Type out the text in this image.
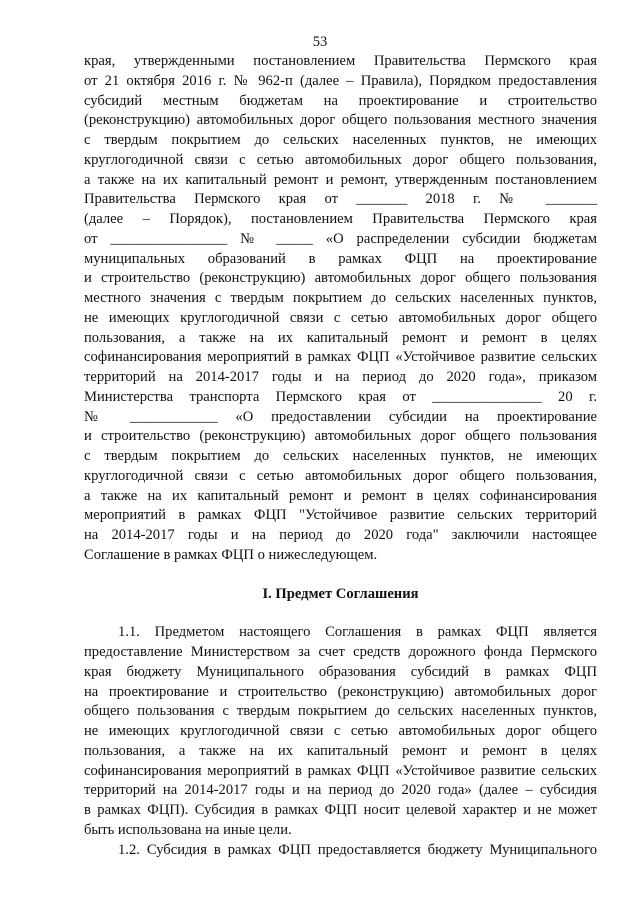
53
края, утвержденными постановлением Правительства Пермского края
от 21 октября 2016 г. № 962-п (далее – Правила), Порядком предоставления
субсидий местным бюджетам на проектирование и строительство
(реконструкцию) автомобильных дорог общего пользования местного значения
с твердым покрытием до сельских населенных пунктов, не имеющих
круглогодичной связи с сетью автомобильных дорог общего пользования,
а также на их капитальный ремонт и ремонт, утвержденным постановлением
Правительства Пермского края от _______ 2018 г. № _______
(далее – Порядок), постановлением Правительства Пермского края
от ________________ № _____ «О распределении субсидии бюджетам
муниципальных образований в рамках ФЦП на проектирование
и строительство (реконструкцию) автомобильных дорог общего пользования
местного значения с твердым покрытием до сельских населенных пунктов,
не имеющих круглогодичной связи с сетью автомобильных дорог общего
пользования, а также на их капитальный ремонт и ремонт в целях
софинансирования мероприятий в рамках ФЦП «Устойчивое развитие сельских
территорий на 2014-2017 годы и на период до 2020 года», приказом
Министерства транспорта Пермского края от _______________ 20 г.
№ ____________ «О предоставлении субсидии на проектирование
и строительство (реконструкцию) автомобильных дорог общего пользования
с твердым покрытием до сельских населенных пунктов, не имеющих
круглогодичной связи с сетью автомобильных дорог общего пользования,
а также на их капитальный ремонт и ремонт в целях софинансирования
мероприятий в рамках ФЦП "Устойчивое развитие сельских территорий
на 2014-2017 годы и на период до 2020 года" заключили настоящее
Соглашение в рамках ФЦП о нижеследующем.
I. Предмет Соглашения
1.1. Предметом настоящего Соглашения в рамках ФЦП является
предоставление Министерством за счет средств дорожного фонда Пермского
края бюджету Муниципального образования субсидий в рамках ФЦП
на проектирование и строительство (реконструкцию) автомобильных дорог
общего пользования с твердым покрытием до сельских населенных пунктов,
не имеющих круглогодичной связи с сетью автомобильных дорог общего
пользования, а также на их капитальный ремонт и ремонт в целях
софинансирования мероприятий в рамках ФЦП «Устойчивое развитие сельских
территорий на 2014-2017 годы и на период до 2020 года» (далее – субсидия
в рамках ФЦП). Субсидия в рамках ФЦП носит целевой характер и не может
быть использована на иные цели.
1.2. Субсидия в рамках ФЦП предоставляется бюджету Муниципального
